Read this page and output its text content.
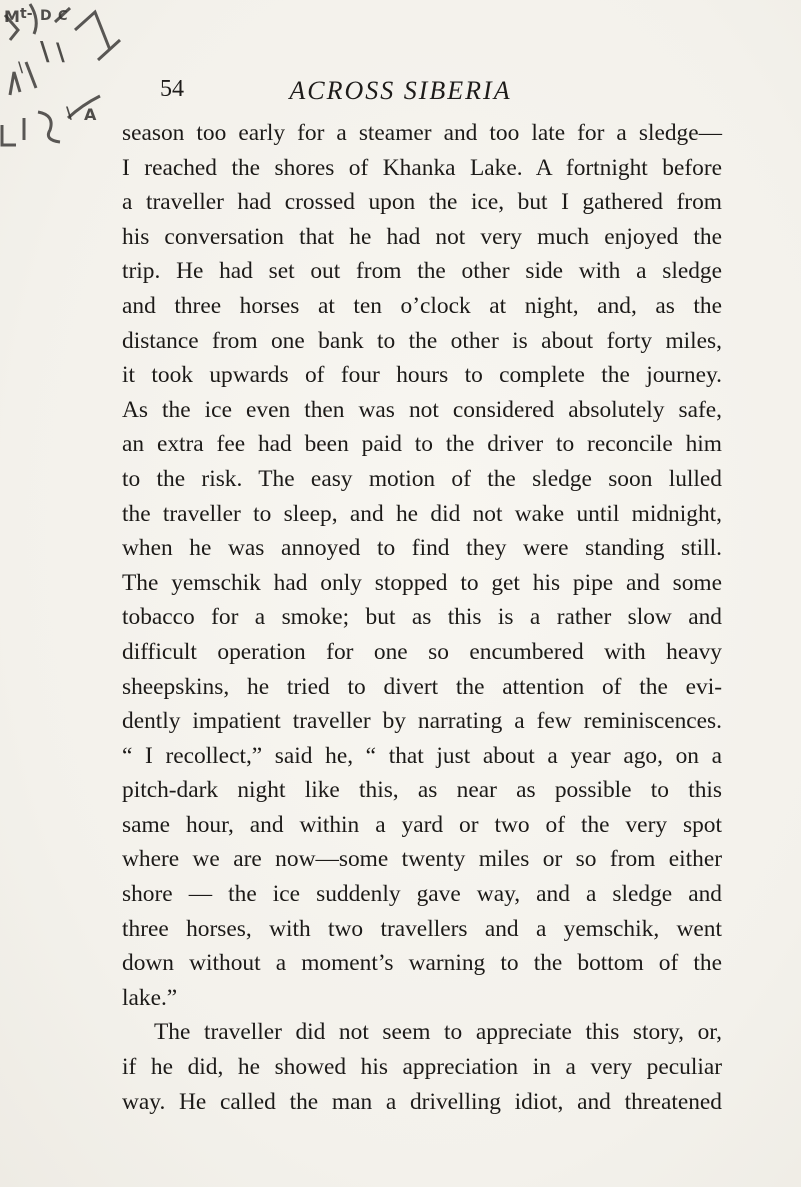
M t- D C
\ \
\
\ A
54	ACROSS SIBERIA
season too early for a steamer and too late for a sledge—
I reached the shores of Khanka Lake. A fortnight before
a traveller had crossed upon the ice, but I gathered from
his conversation that he had not very much enjoyed the
trip. He had set out from the other side with a sledge
and three horses at ten o’clock at night, and, as the
distance from one bank to the other is about forty miles,
it took upwards of four hours to complete the journey.
As the ice even then was not considered absolutely safe,
an extra fee had been paid to the driver to reconcile him
to the risk. The easy motion of the sledge soon lulled
the traveller to sleep, and he did not wake until midnight,
when he was annoyed to find they were standing still.
The yemschik had only stopped to get his pipe and some
tobacco for a smoke; but as this is a rather slow and
difficult operation for one so encumbered with heavy
sheepskins, he tried to divert the attention of the evi-
dently impatient traveller by narrating a few reminiscences.
“ I recollect,” said he, “ that just about a year ago, on a
pitch-dark night like this, as near as possible to this
same hour, and within a yard or two of the very spot
where we are now—some twenty miles or so from either
shore — the ice suddenly gave way, and a sledge and
three horses, with two travellers and a yemschik, went
down without a moment’s warning to the bottom of the
lake.”
The traveller did not seem to appreciate this story, or,
if he did, he showed his appreciation in a very peculiar
way. He called the man a drivelling idiot, and threatened
